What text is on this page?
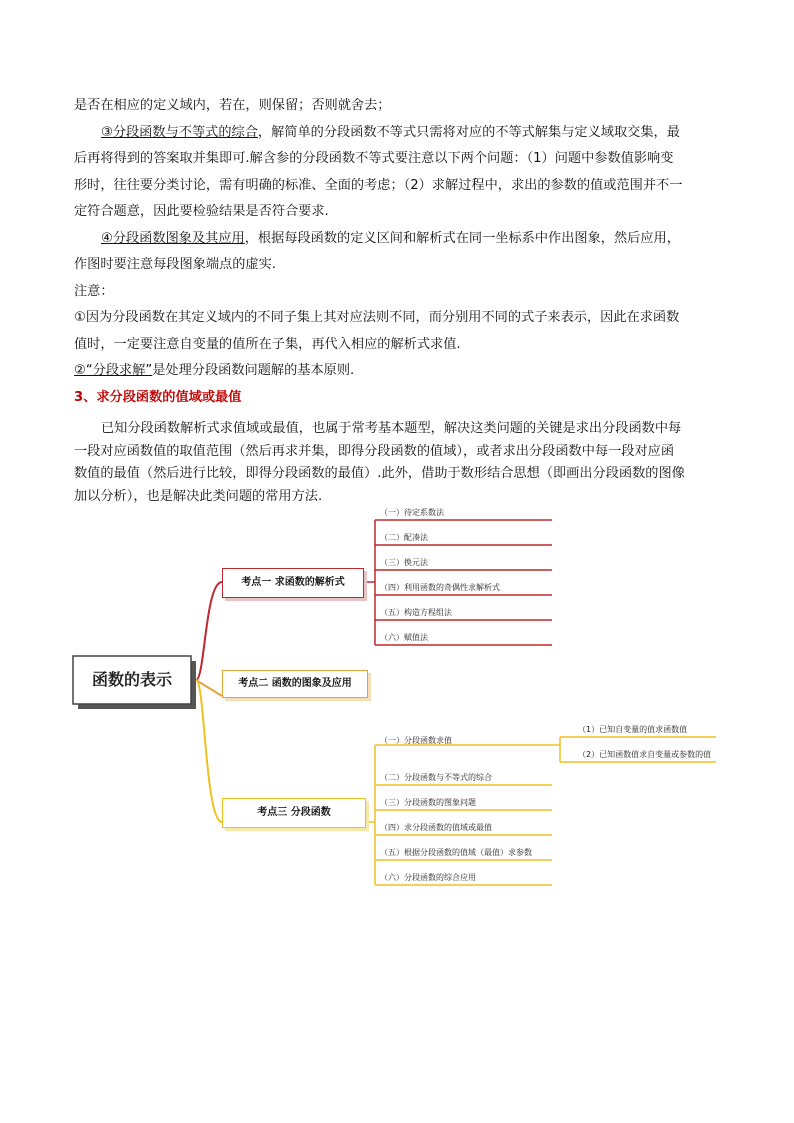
是否在相应的定义域内，若在，则保留；否则就舍去；

③分段函数与不等式的综合，解简单的分段函数不等式只需将对应的不等式解集与定义域取交集，最

后再将得到的答案取并集即可.解含参的分段函数不等式要注意以下两个问题：（1）问题中参数值影响变

形时，往往要分类讨论，需有明确的标准、全面的考虑；（2）求解过程中，求出的参数的值或范围并不一

定符合题意，因此要检验结果是否符合要求.

④分段函数图象及其应用，根据每段函数的定义区间和解析式在同一坐标系中作出图象，然后应用，

作图时要注意每段图象端点的虚实.

注意：

①因为分段函数在其定义域内的不同子集上其对应法则不同，而分别用不同的式子来表示，因此在求函数

值时，一定要注意自变量的值所在子集，再代入相应的解析式求值.

②“分段求解”是处理分段函数问题解的基本原则.

3、求分段函数的值域或最值

已知分段函数解析式求值域或最值，也属于常考基本题型，解决这类问题的关键是求出分段函数中每

一段对应函数值的取值范围（然后再求并集，即得分段函数的值域），或者求出分段函数中每一段对应函

数值的最值（然后进行比较，即得分段函数的最值）.此外，借助于数形结合思想（即画出分段函数的图像

加以分析），也是解决此类问题的常用方法.

函数的表示
考点一 求函数的解析式
考点二 函数的图象及应用
考点三 分段函数
（一）待定系数法
（二）配凑法
（三）换元法
（四）利用函数的奇偶性求解析式
（五）构造方程组法
（六）赋值法
（一）分段函数求值
（二）分段函数与不等式的综合
（三）分段函数的图象问题
（四）求分段函数的值域或最值
（五）根据分段函数的值域（最值）求参数
（六）分段函数的综合应用
（1）已知自变量的值求函数值
（2）已知函数值求自变量或参数的值
